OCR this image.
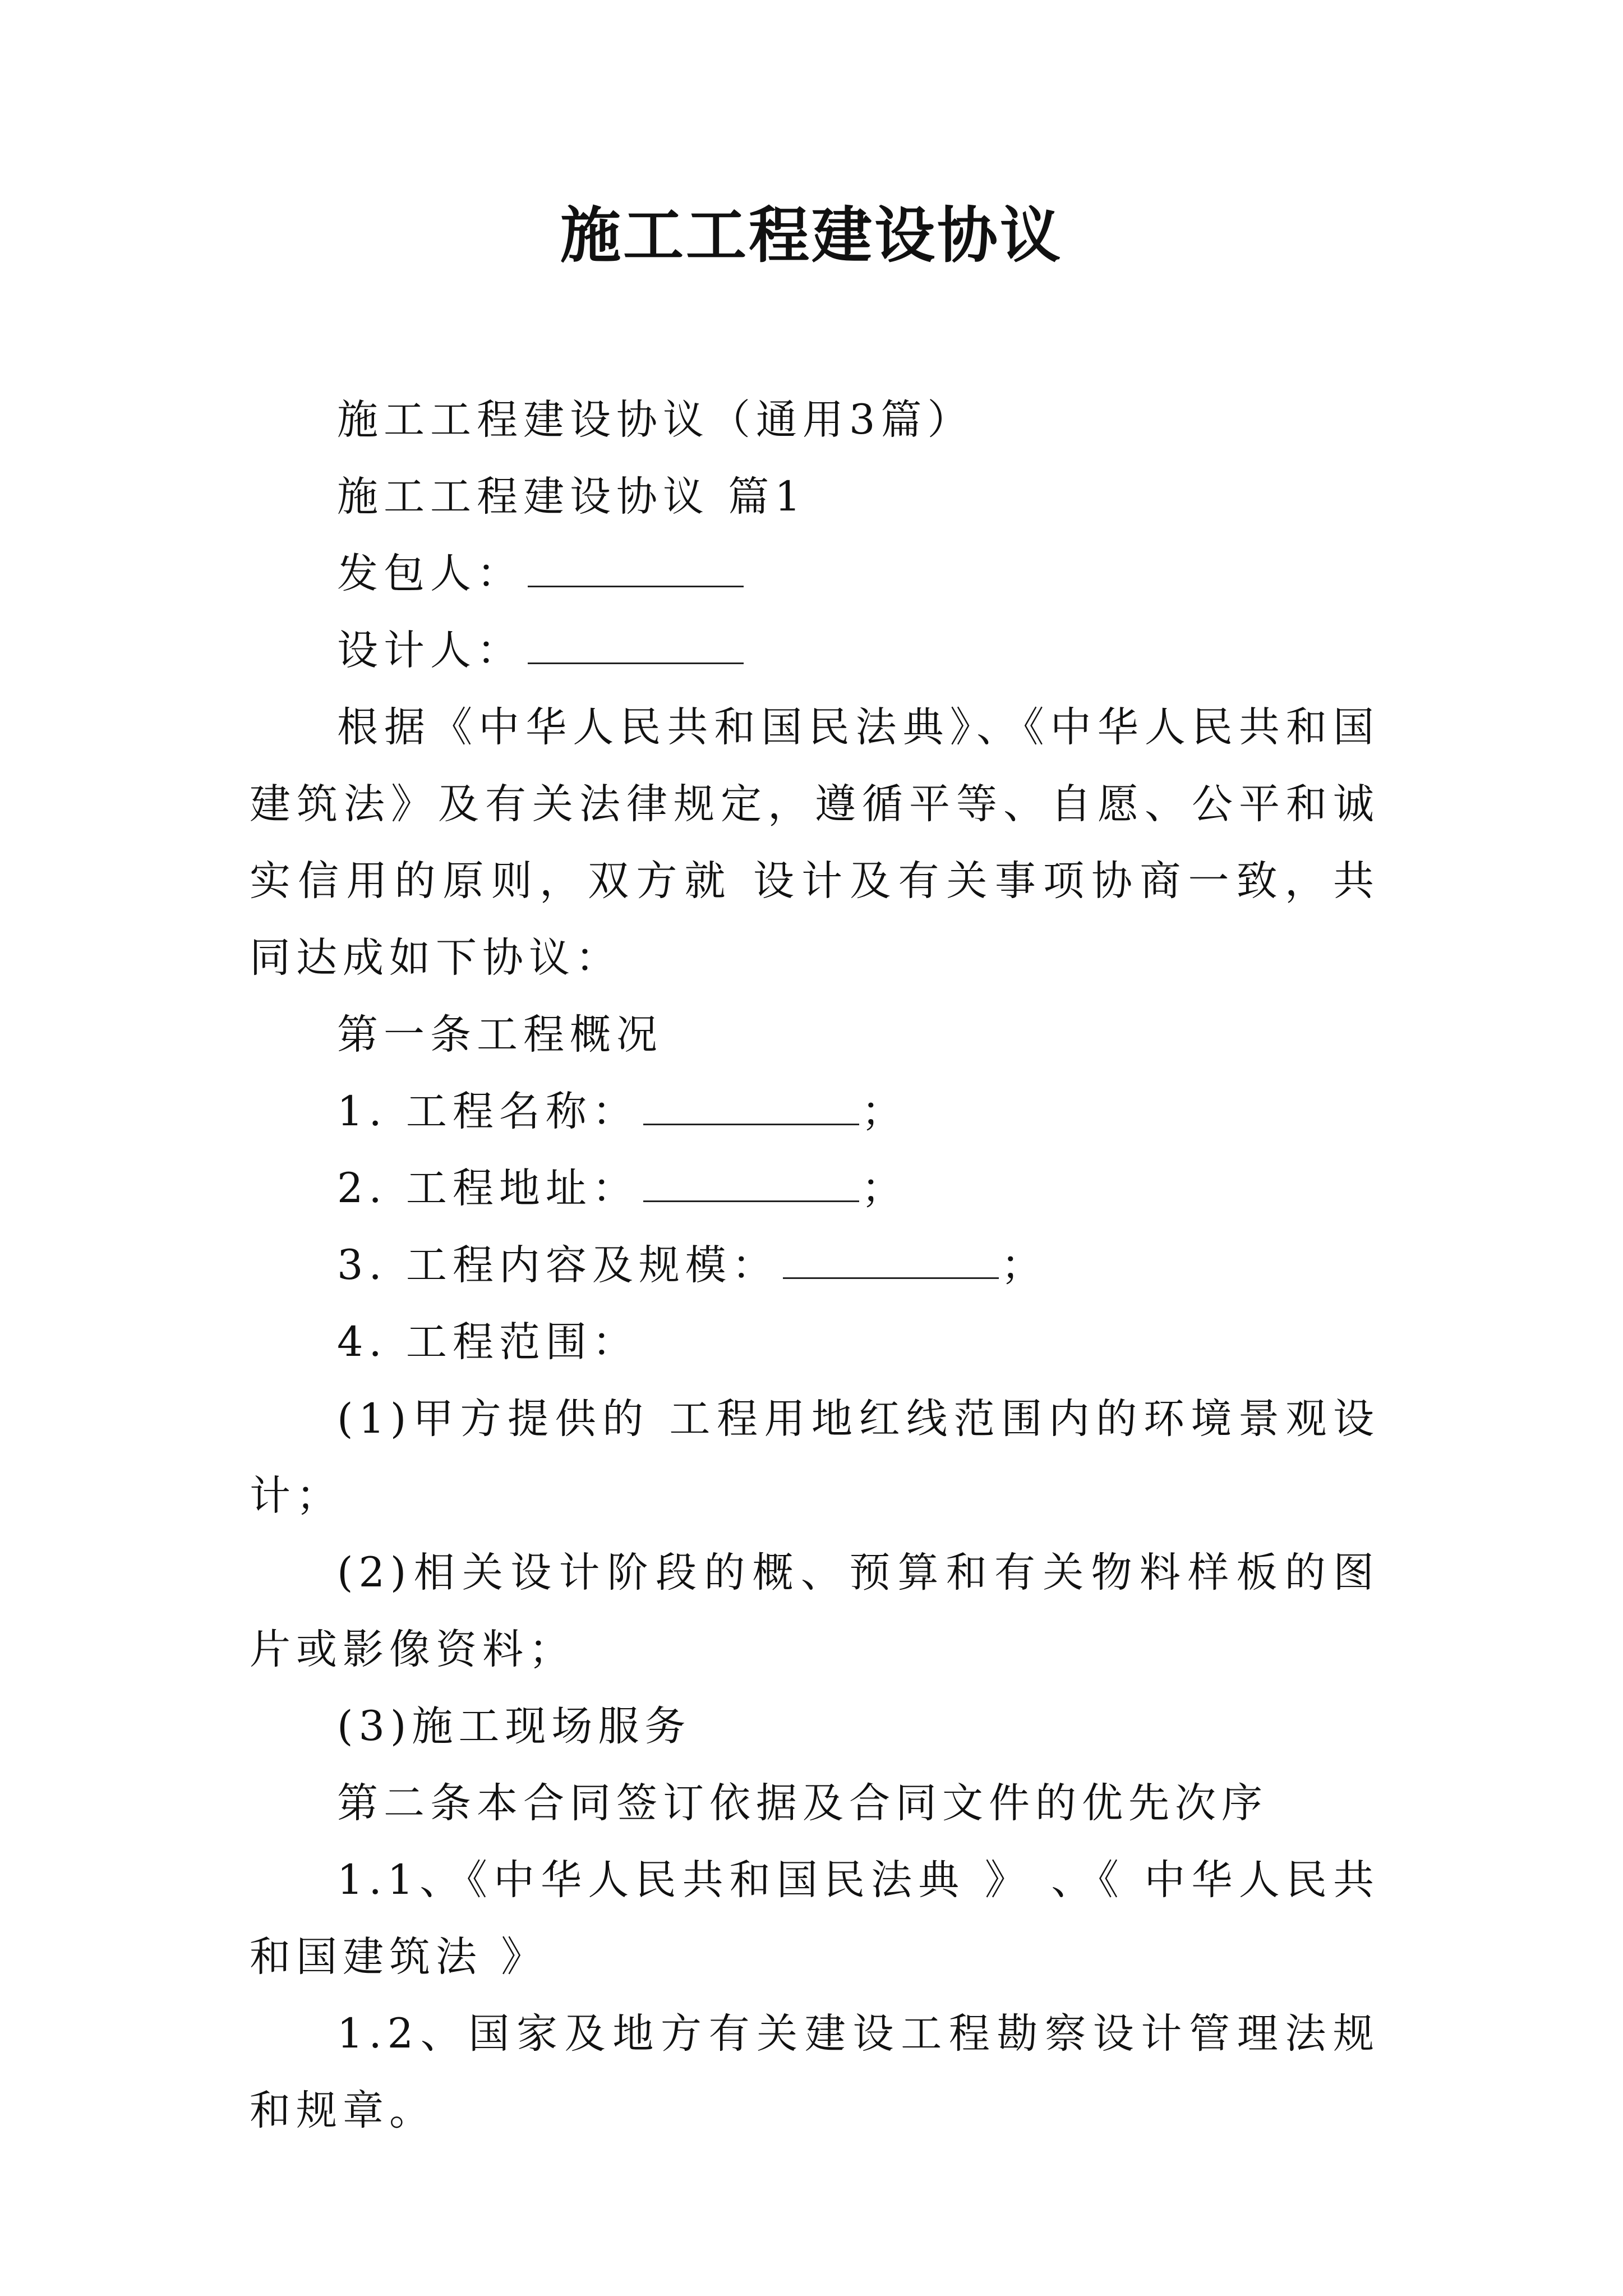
施工工程建设协议

施工工程建设协议（通用3篇）

施工工程建设协议 篇1

发包人：

设计人：

根据《中华人民共和国民法典》、《中华人民共和国建筑法》及有关法律规定，遵循平等、自愿、公平和诚实信用的原则，双方就 设计及有关事项协商一致，共同达成如下协议：

第一条工程概况

1. 工程名称：	；

2. 工程地址：	；

3. 工程内容及规模：	；

4. 工程范围：

(1)甲方提供的 工程用地红线范围内的环境景观设计；

(2)相关设计阶段的概、预算和有关物料样板的图片或影像资料；

(3)施工现场服务

第二条本合同签订依据及合同文件的优先次序

1.1、《中华人民共和国民法典 》 、《 中华人民共和国建筑法 》

1.2、国家及地方有关建设工程勘察设计管理法规和规章。
